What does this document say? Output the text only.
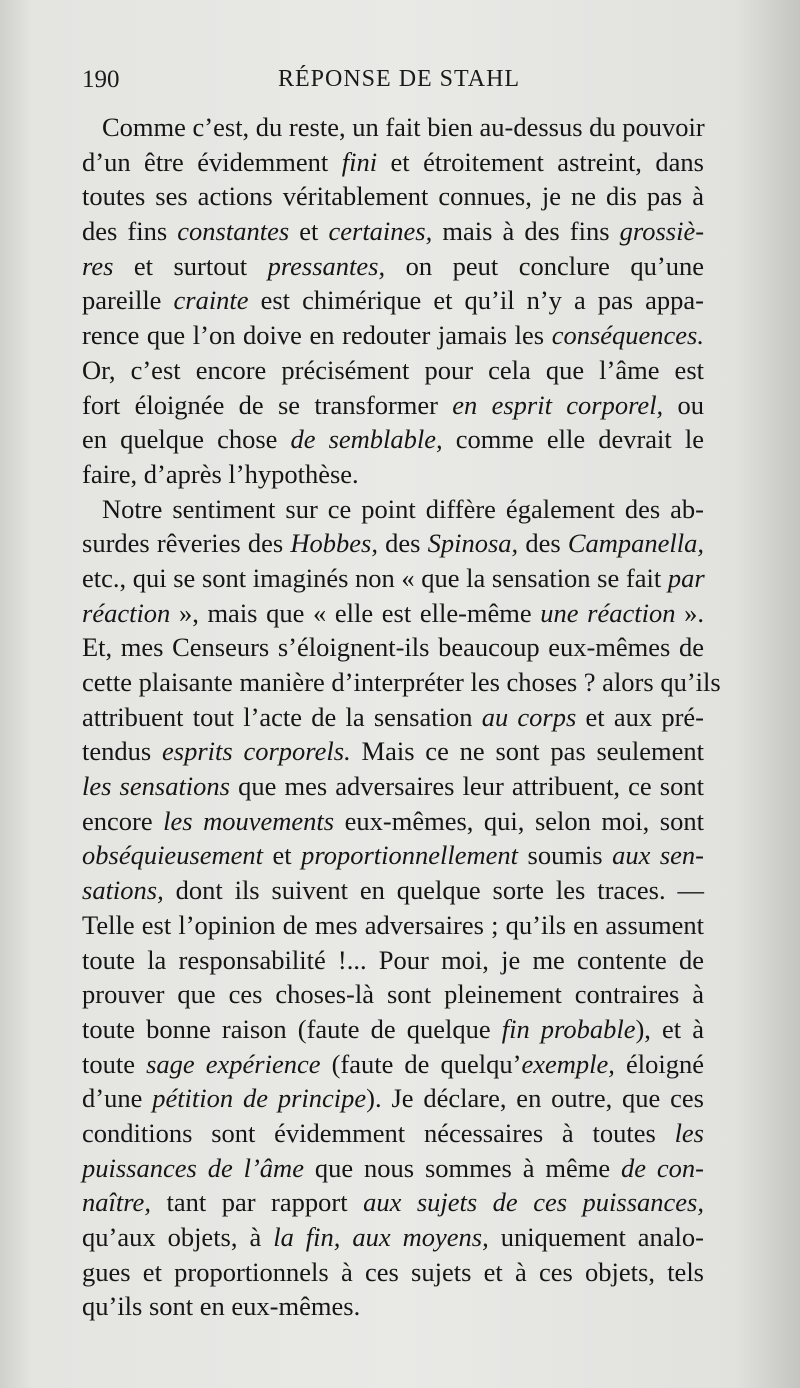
190	RÉPONSE DE STAHL
Comme c’est, du reste, un fait bien au-dessus du pouvoir
d’un être évidemment fini et étroitement astreint, dans
toutes ses actions véritablement connues, je ne dis pas à
des fins constantes et certaines, mais à des fins grossiè-
res et surtout pressantes, on peut conclure qu’une
pareille crainte est chimérique et qu’il n’y a pas appa-
rence que l’on doive en redouter jamais les conséquences.
Or, c’est encore précisément pour cela que l’âme est
fort éloignée de se transformer en esprit corporel, ou
en quelque chose de semblable, comme elle devrait le
faire, d’après l’hypothèse.
Notre sentiment sur ce point diffère également des ab-
surdes rêveries des Hobbes, des Spinosa, des Campanella,
etc., qui se sont imaginés non « que la sensation se fait par
réaction », mais que « elle est elle-même une réaction ».
Et, mes Censeurs s’éloignent-ils beaucoup eux-mêmes de
cette plaisante manière d’interpréter les choses ? alors qu’ils
attribuent tout l’acte de la sensation au corps et aux pré-
tendus esprits corporels. Mais ce ne sont pas seulement
les sensations que mes adversaires leur attribuent, ce sont
encore les mouvements eux-mêmes, qui, selon moi, sont
obséquieusement et proportionnellement soumis aux sen-
sations, dont ils suivent en quelque sorte les traces. —
Telle est l’opinion de mes adversaires ; qu’ils en assument
toute la responsabilité !... Pour moi, je me contente de
prouver que ces choses-là sont pleinement contraires à
toute bonne raison (faute de quelque fin probable), et à
toute sage expérience (faute de quelqu’exemple, éloigné
d’une pétition de principe). Je déclare, en outre, que ces
conditions sont évidemment nécessaires à toutes les
puissances de l’âme que nous sommes à même de con-
naître, tant par rapport aux sujets de ces puissances,
qu’aux objets, à la fin, aux moyens, uniquement analo-
gues et proportionnels à ces sujets et à ces objets, tels
qu’ils sont en eux-mêmes.
